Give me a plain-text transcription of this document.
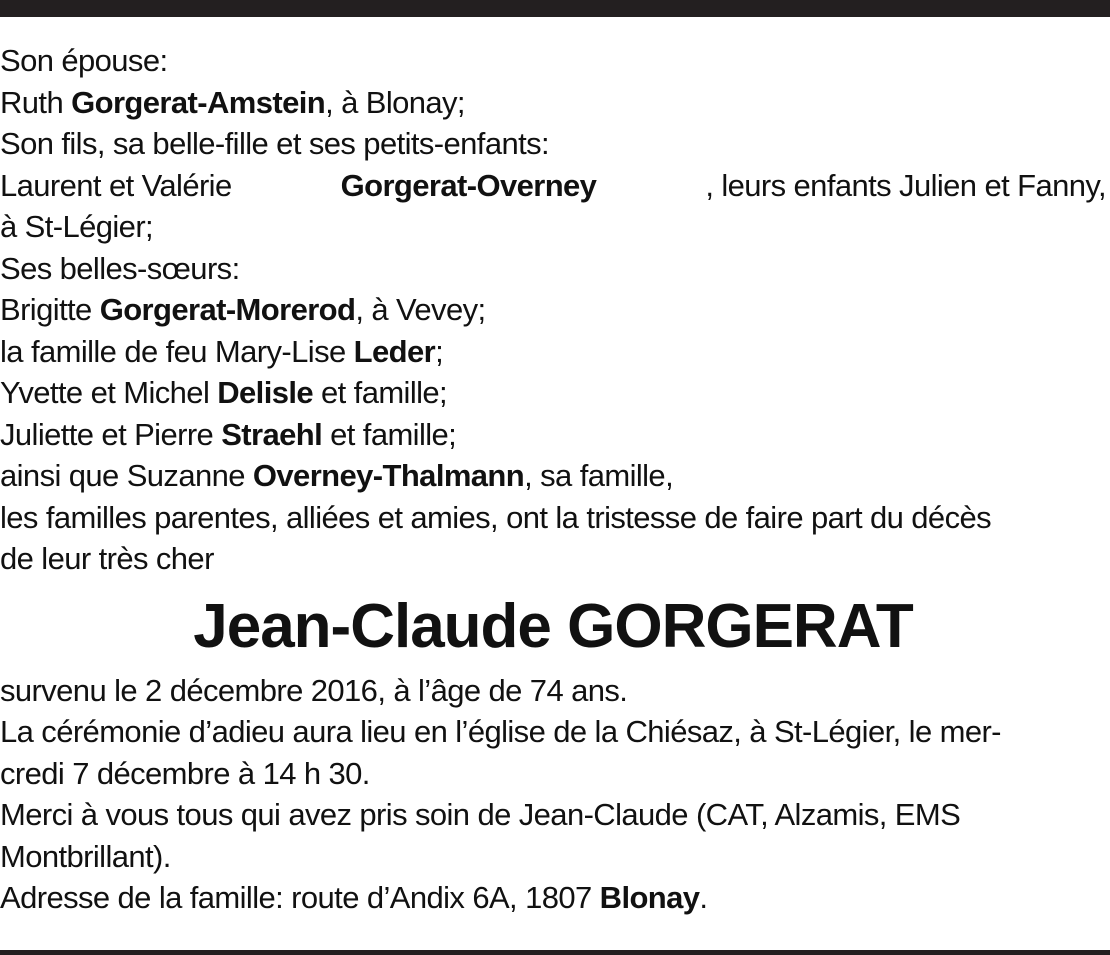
Son épouse:
Ruth Gorgerat-Amstein, à Blonay;
Son fils, sa belle-fille et ses petits-enfants:
Laurent et Valérie	Gorgerat-Overney	, leurs enfants Julien et Fanny,
à St-Légier;
Ses belles-sœurs:
Brigitte Gorgerat-Morerod, à Vevey;
la famille de feu Mary-Lise Leder;
Yvette et Michel Delisle et famille;
Juliette et Pierre Straehl et famille;
ainsi que Suzanne Overney-Thalmann, sa famille,
les familles parentes, alliées et amies, ont la tristesse de faire part du décès
de leur très cher
Jean-Claude GORGERAT
survenu le 2 décembre 2016, à l’âge de 74 ans.
La cérémonie d’adieu aura lieu en l’église de la Chiésaz, à St-Légier, le mer-
credi 7 décembre à 14 h 30.
Merci à vous tous qui avez pris soin de Jean-Claude (CAT, Alzamis, EMS
Montbrillant).
Adresse de la famille: route d’Andix 6A, 1807 Blonay.
